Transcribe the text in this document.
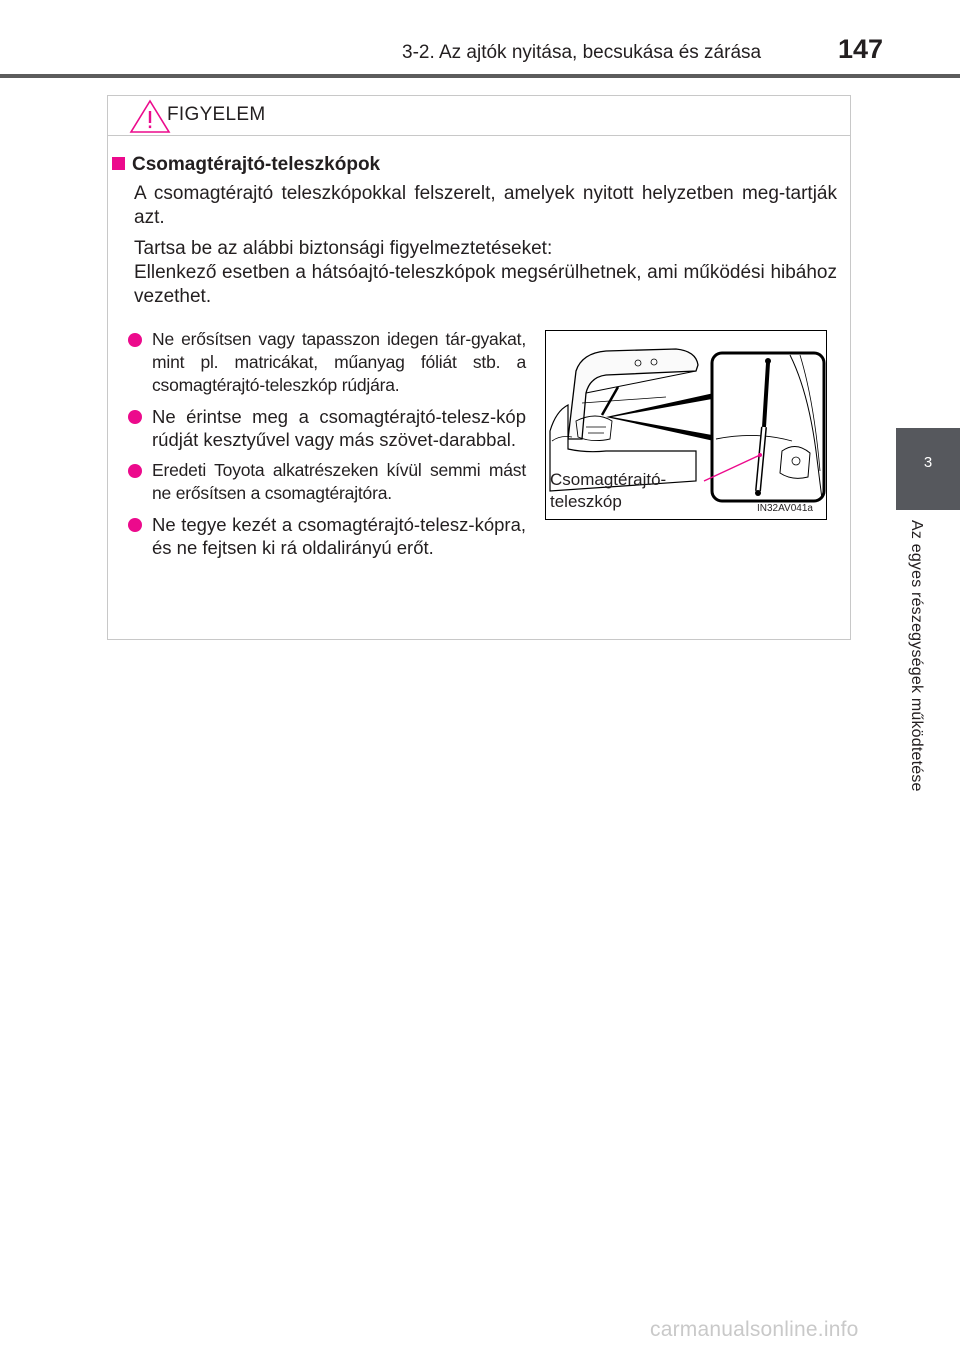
3-2. Az ajtók nyitása, becsukása és zárása	147
3
Az egyes részegységek működtetése
FIGYELEM
Csomagtérajtó-teleszkópok
A csomagtérajtó teleszkópokkal felszerelt, amelyek nyitott helyzetben meg-tartják azt.
Tartsa be az alábbi biztonsági figyelmeztetéseket:
Ellenkező esetben a hátsóajtó-teleszkópok megsérülhetnek, ami működési hibához vezethet.
Ne erősítsen vagy tapasszon idegen tár-gyakat, mint pl. matricákat, műanyag fóliát stb. a csomagtérajtó-teleszkóp rúdjára.
Ne érintse meg a csomagtérajtó-telesz-kóp rúdját kesztyűvel vagy más szövet-darabbal.
Eredeti Toyota alkatrészeken kívül semmi mást ne erősítsen a csomagtérajtóra.
Ne tegye kezét a csomagtérajtó-telesz-kópra, és ne fejtsen ki rá oldalirányú erőt.
Csomagtérajtó-
teleszkóp	IN32AV041a
carmanualsonline.info
